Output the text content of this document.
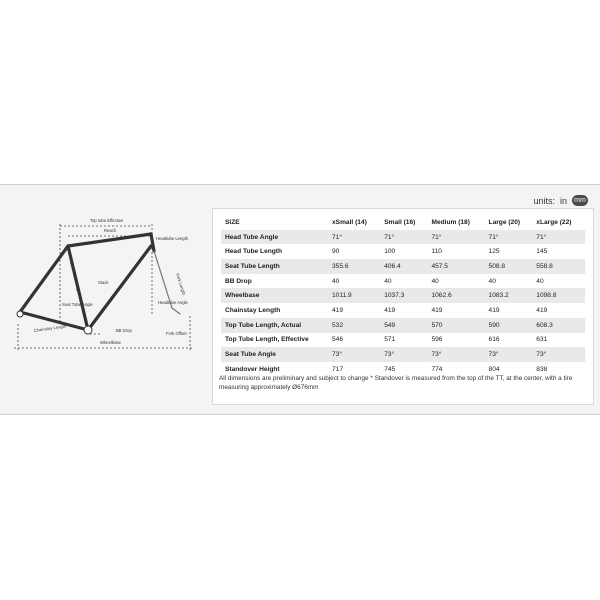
units: in	mm
Top tube Effective
Reach
Headtube Length
Fork Length
Seat Tube Length	Stack
Seat Tube Angle
Chainstay Length	BB Drop
Headtube Angle
Fork Offset
Wheelbase
SIZE	xSmall (14)	Small (16)	Medium (18)	Large (20)	xLarge (22)
Head Tube Angle	71°	71°	71°	71°	71°
Head Tube Length	90	100	110	125	145
Seat Tube Length	355.6	406.4	457.5	508.8	558.8
BB Drop	40	40	40	40	40
Wheelbase	1011.9	1037.3	1062.6	1083.2	1098.8
Chainstay Length	419	419	419	419	419
Top Tube Length, Actual	532	549	570	590	608.3
Top Tube Length, Effective	546	571	596	616	631
Seat Tube Angle	73°	73°	73°	73°	73°
Standover Height	717	745	774	804	838
All dimensions are preliminary and subject to change * Standover is measured from the top of the TT, at the center, with a tire measuring approximately Ø676mm
